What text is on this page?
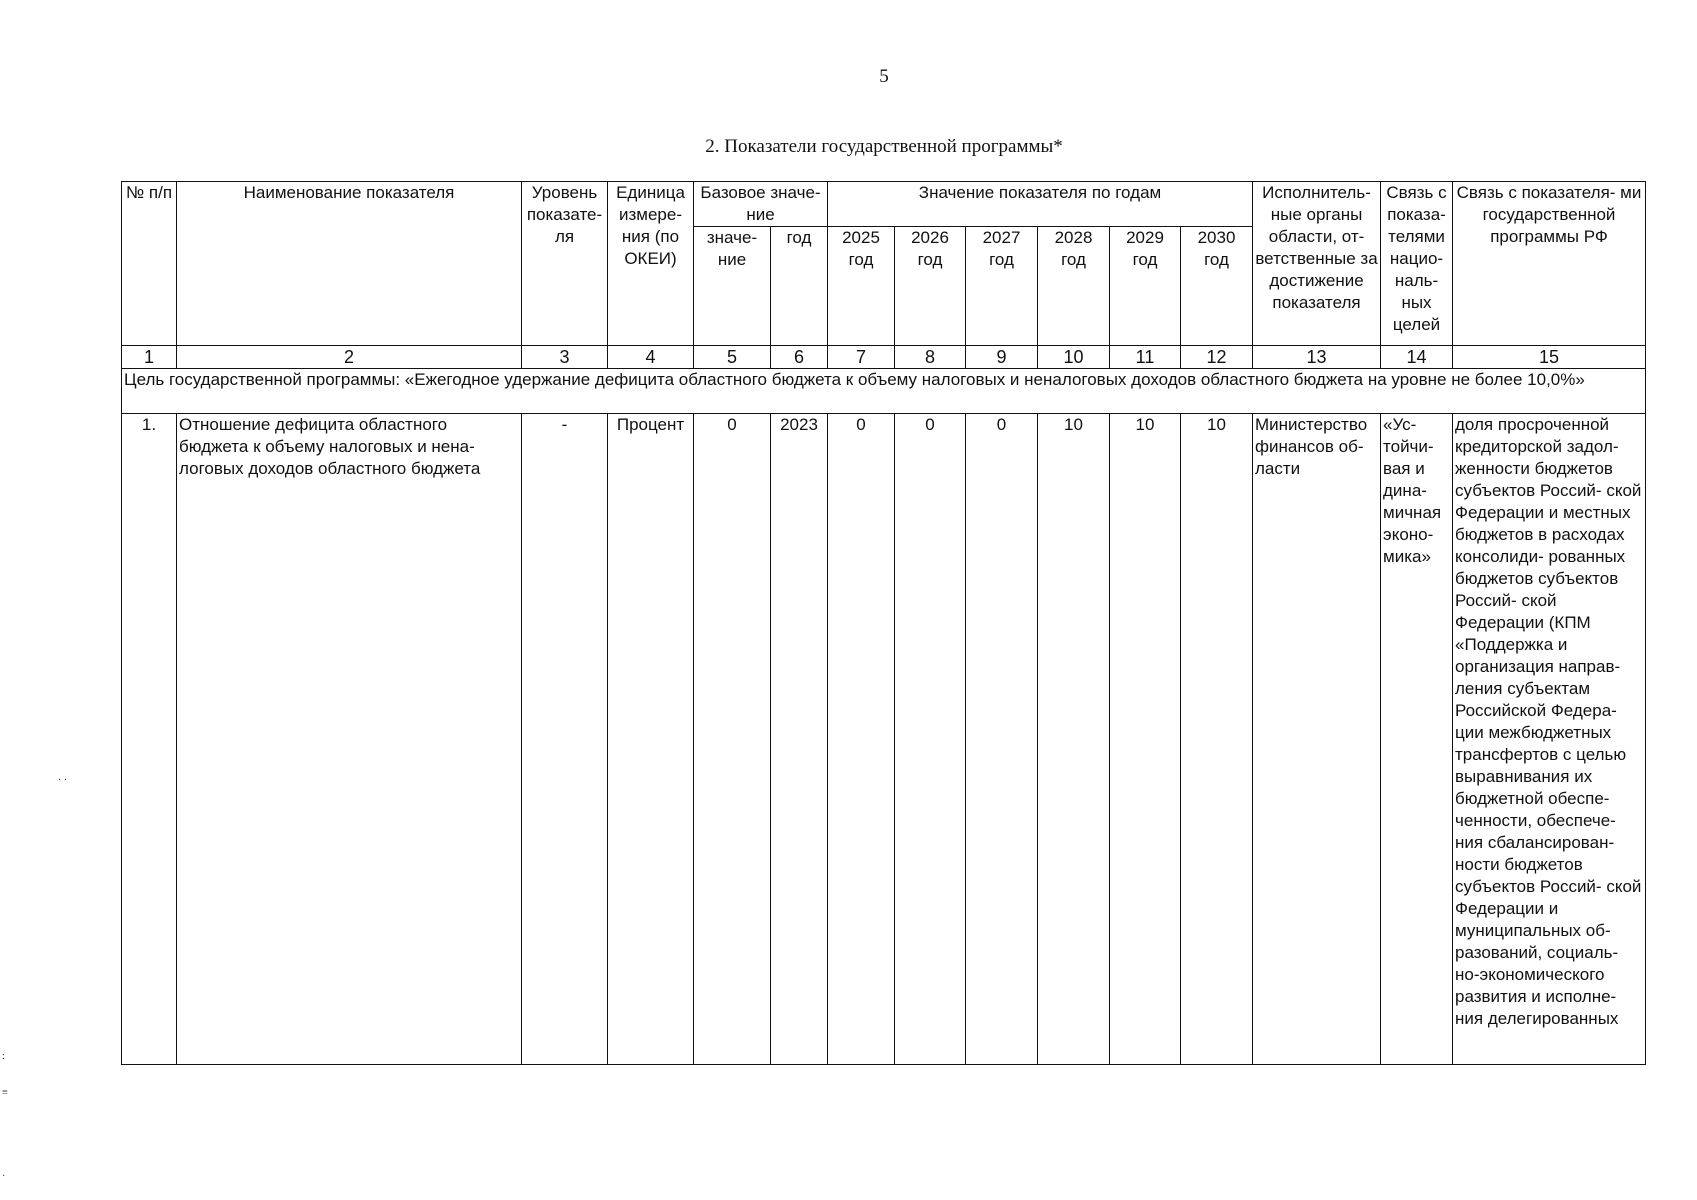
5
2. Показатели государственной программы*
№ п/п	Наименование показателя	Уровень показате- ля	Единица измере- ния (по ОКЕИ)	Базовое значе- ние		Значение показателя по годам						Исполнитель- ные органы области, от- ветственные за достижение показателя	Связь с показа- телями нацио- наль- ных целей	Связь с показателя- ми государственной программы РФ
				значе- ние	год	2025 год	2026 год	2027 год	2028 год	2029 год	2030 год			
1	2	3	4	5	6	7	8	9	10	11	12	13	14	15
Цель государственной программы: «Ежегодное удержание дефицита областного бюджета к объему налоговых и неналоговых доходов областного бюджета на уровне не более 10,0%»														
1.	Отношение дефицита областного бюджета к объему налоговых и нена- логовых доходов областного бюджета	-	Процент	0	2023	0	0	0	10	10	10	Министерство финансов об- ласти	«Ус- тойчи- вая и дина- мичная эконо- мика»	доля просроченной кредиторской задол- женности бюджетов субъектов Россий- ской Федерации и местных бюджетов в расходах консолиди- рованных бюджетов субъектов Россий- ской Федерации (КПМ «Поддержка и организация направ- ления субъектам Российской Федера- ции межбюджетных трансфертов с целью выравнивания их бюджетной обеспе- ченности, обеспече- ния сбалансирован- ности бюджетов субъектов Россий- ской Федерации и муниципальных об- разований, социаль- но-экономического развития и исполне- ния делегированных
· ·
:
≡
·
